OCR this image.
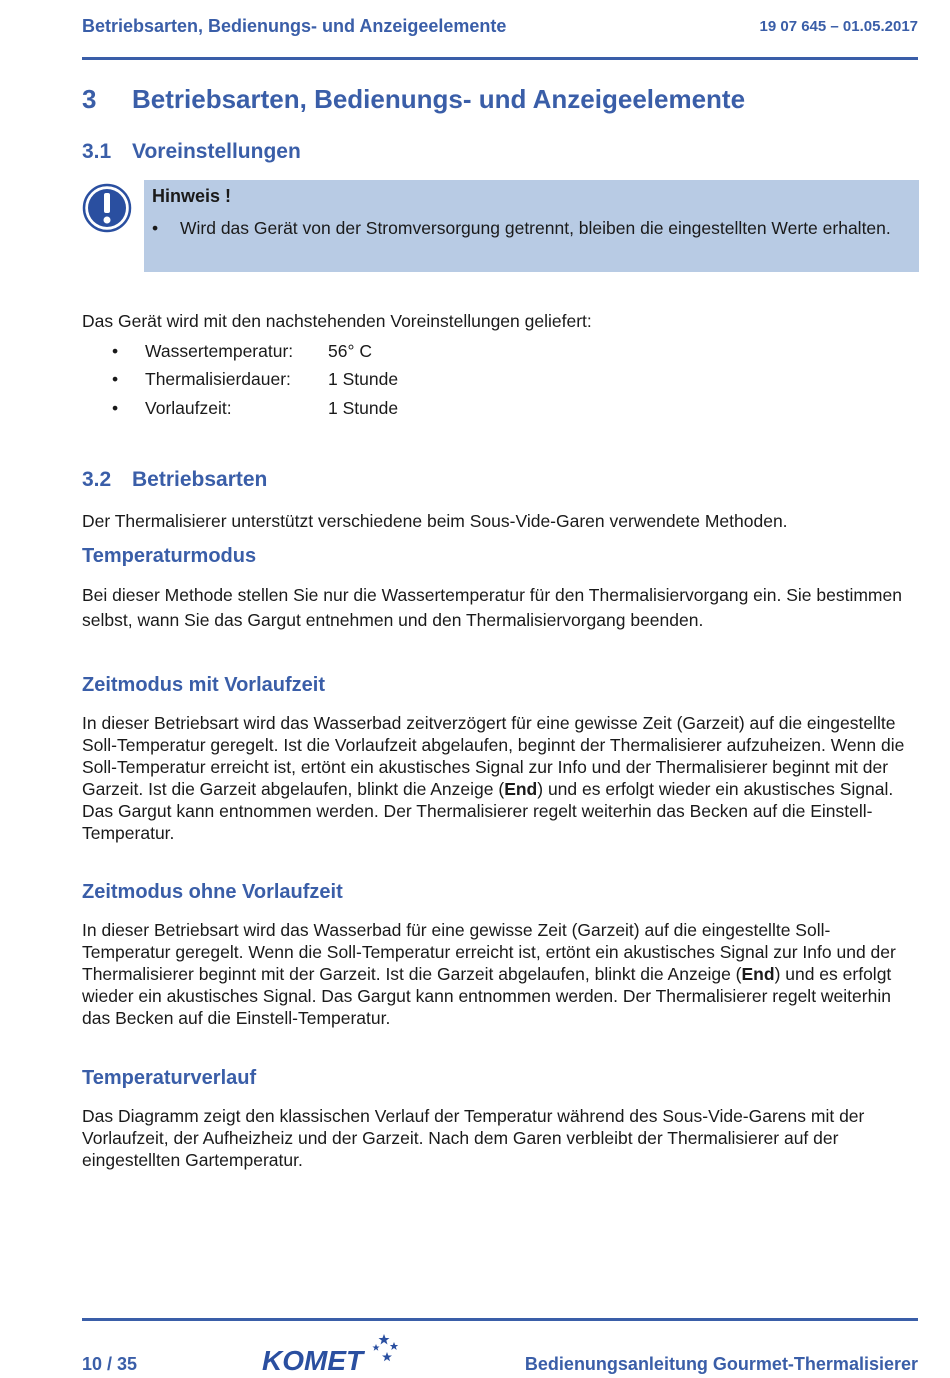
Betriebsarten, Bedienungs- und Anzeigeelemente	19 07 645 – 01.05.2017
3 Betriebsarten, Bedienungs- und Anzeigeelemente
3.1 Voreinstellungen
Hinweis !
• Wird das Gerät von der Stromversorgung getrennt, bleiben die eingestellten Werte erhalten.
Das Gerät wird mit den nachstehenden Voreinstellungen geliefert:
• Wassertemperatur: 56° C
• Thermalisierdauer: 1 Stunde
• Vorlaufzeit:	1 Stunde
3.2 Betriebsarten
Der Thermalisierer unterstützt verschiedene beim Sous-Vide-Garen verwendete Methoden.
Temperaturmodus
Bei dieser Methode stellen Sie nur die Wassertemperatur für den Thermalisiervorgang ein. Sie bestimmen selbst, wann Sie das Gargut entnehmen und den Thermalisiervorgang beenden.
Zeitmodus mit Vorlaufzeit
In dieser Betriebsart wird das Wasserbad zeitverzögert für eine gewisse Zeit (Garzeit) auf die eingestellte Soll-Temperatur geregelt. Ist die Vorlaufzeit abgelaufen, beginnt der Thermalisierer aufzuheizen. Wenn die Soll-Temperatur erreicht ist, ertönt ein akustisches Signal zur Info und der Thermalisierer beginnt mit der Garzeit. Ist die Garzeit abgelaufen, blinkt die Anzeige (End) und es erfolgt wieder ein akustisches Signal. Das Gargut kann entnommen werden. Der Thermalisierer regelt weiterhin das Becken auf die Einstell-Temperatur.
Zeitmodus ohne Vorlaufzeit
In dieser Betriebsart wird das Wasserbad für eine gewisse Zeit (Garzeit) auf die eingestellte Soll-Temperatur geregelt. Wenn die Soll-Temperatur erreicht ist, ertönt ein akustisches Signal zur Info und der Thermalisierer beginnt mit der Garzeit. Ist die Garzeit abgelaufen, blinkt die Anzeige (End) und es erfolgt wieder ein akustisches Signal. Das Gargut kann entnommen werden. Der Thermalisierer regelt weiterhin das Becken auf die Einstell-Temperatur.
Temperaturverlauf
Das Diagramm zeigt den klassischen Verlauf der Temperatur während des Sous-Vide-Garens mit der Vorlaufzeit, der Aufheizheiz und der Garzeit. Nach dem Garen verbleibt der Thermalisierer auf der eingestellten Gartemperatur.
10 / 35	KOMET	Bedienungsanleitung Gourmet-Thermalisierer
